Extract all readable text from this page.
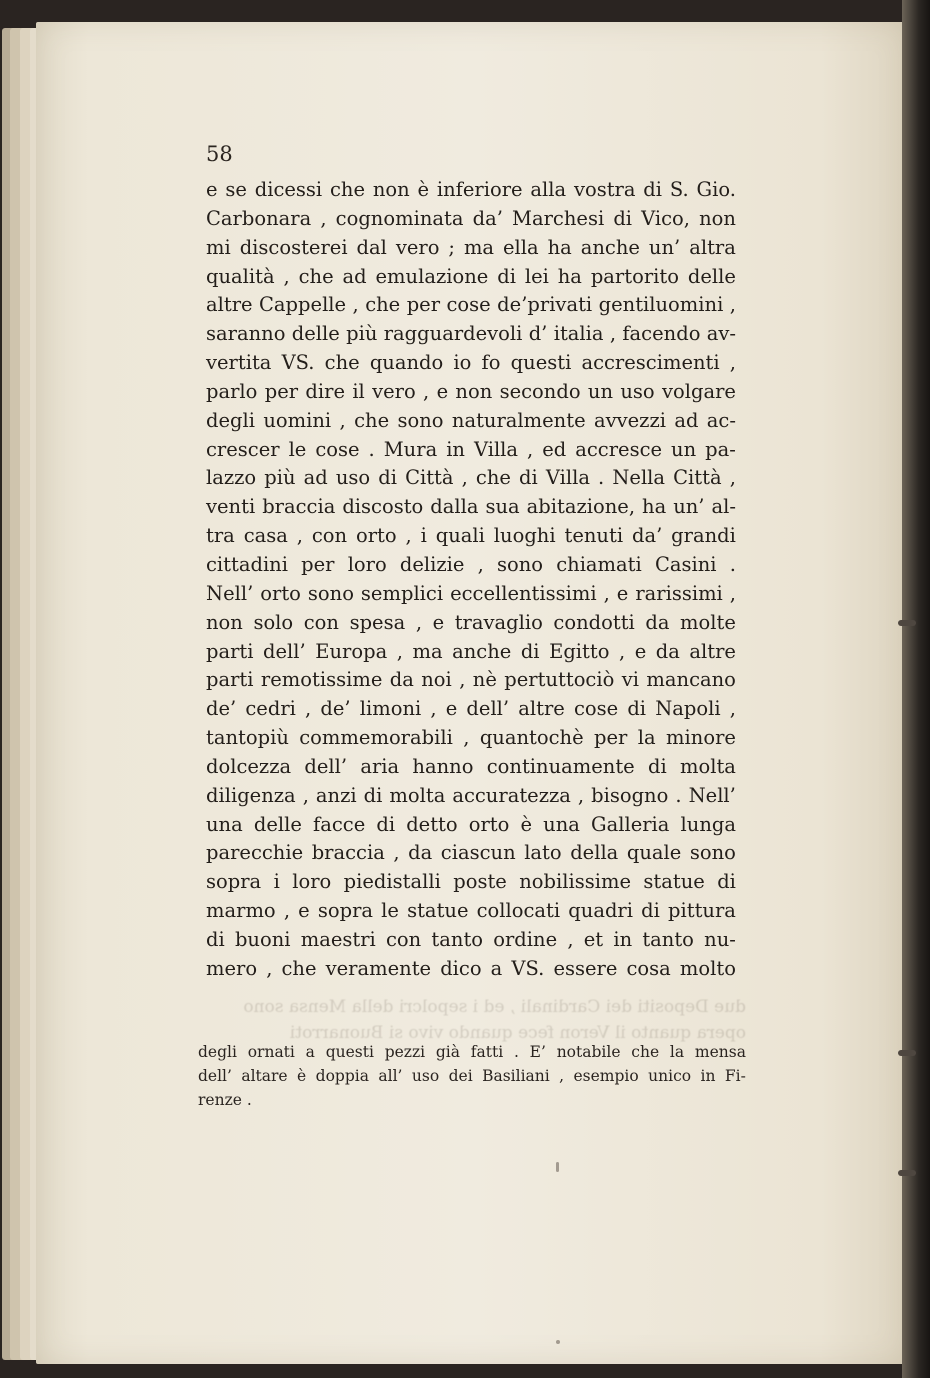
58
e se dicessi che non è inferiore alla vostra di S. Gio.
Carbonara , cognominata da’ Marchesi di Vico, non
mi discosterei dal vero ; ma ella ha anche un’ altra
qualità , che ad emulazione di lei ha partorito delle
altre Cappelle , che per cose de’privati gentiluomini ,
saranno delle più ragguardevoli d’ italia , facendo av-
vertita VS. che quando io fo questi accrescimenti ,
parlo per dire il vero , e non secondo un uso volgare
degli uomini , che sono naturalmente avvezzi ad ac-
crescer le cose . Mura in Villa , ed accresce un pa-
lazzo più ad uso di Città , che di Villa . Nella Città ,
venti braccia discosto dalla sua abitazione, ha un’ al-
tra casa , con orto , i quali luoghi tenuti da’ grandi
cittadini per loro delizie , sono chiamati Casini .
Nell’ orto sono semplici eccellentissimi , e rarissimi ,
non solo con spesa , e travaglio condotti da molte
parti dell’ Europa , ma anche di Egitto , e da altre
parti remotissime da noi , nè pertuttociò vi mancano
de’ cedri , de’ limoni , e dell’ altre cose di Napoli ,
tantopiù commemorabili , quantochè per la minore
dolcezza dell’ aria hanno continuamente di molta
diligenza , anzi di molta accuratezza , bisogno . Nell’
una delle facce di detto orto è una Galleria lunga
parecchie braccia , da ciascun lato della quale sono
sopra i loro piedistalli poste nobilissime statue di
marmo , e sopra le statue collocati quadri di pittura
di buoni maestri con tanto ordine , et in tanto nu-
mero , che veramente dico a VS. essere cosa molto
due Depositi dei Cardinali , ed i sepolcri della Mensa sono
opera quanto il Veron fece quando vivo si Buonarroti
degli ornati a questi pezzi già fatti . E’ notabile che la mensa
dell’ altare è doppia all’ uso dei Basiliani , esempio unico in Fi-
renze .
